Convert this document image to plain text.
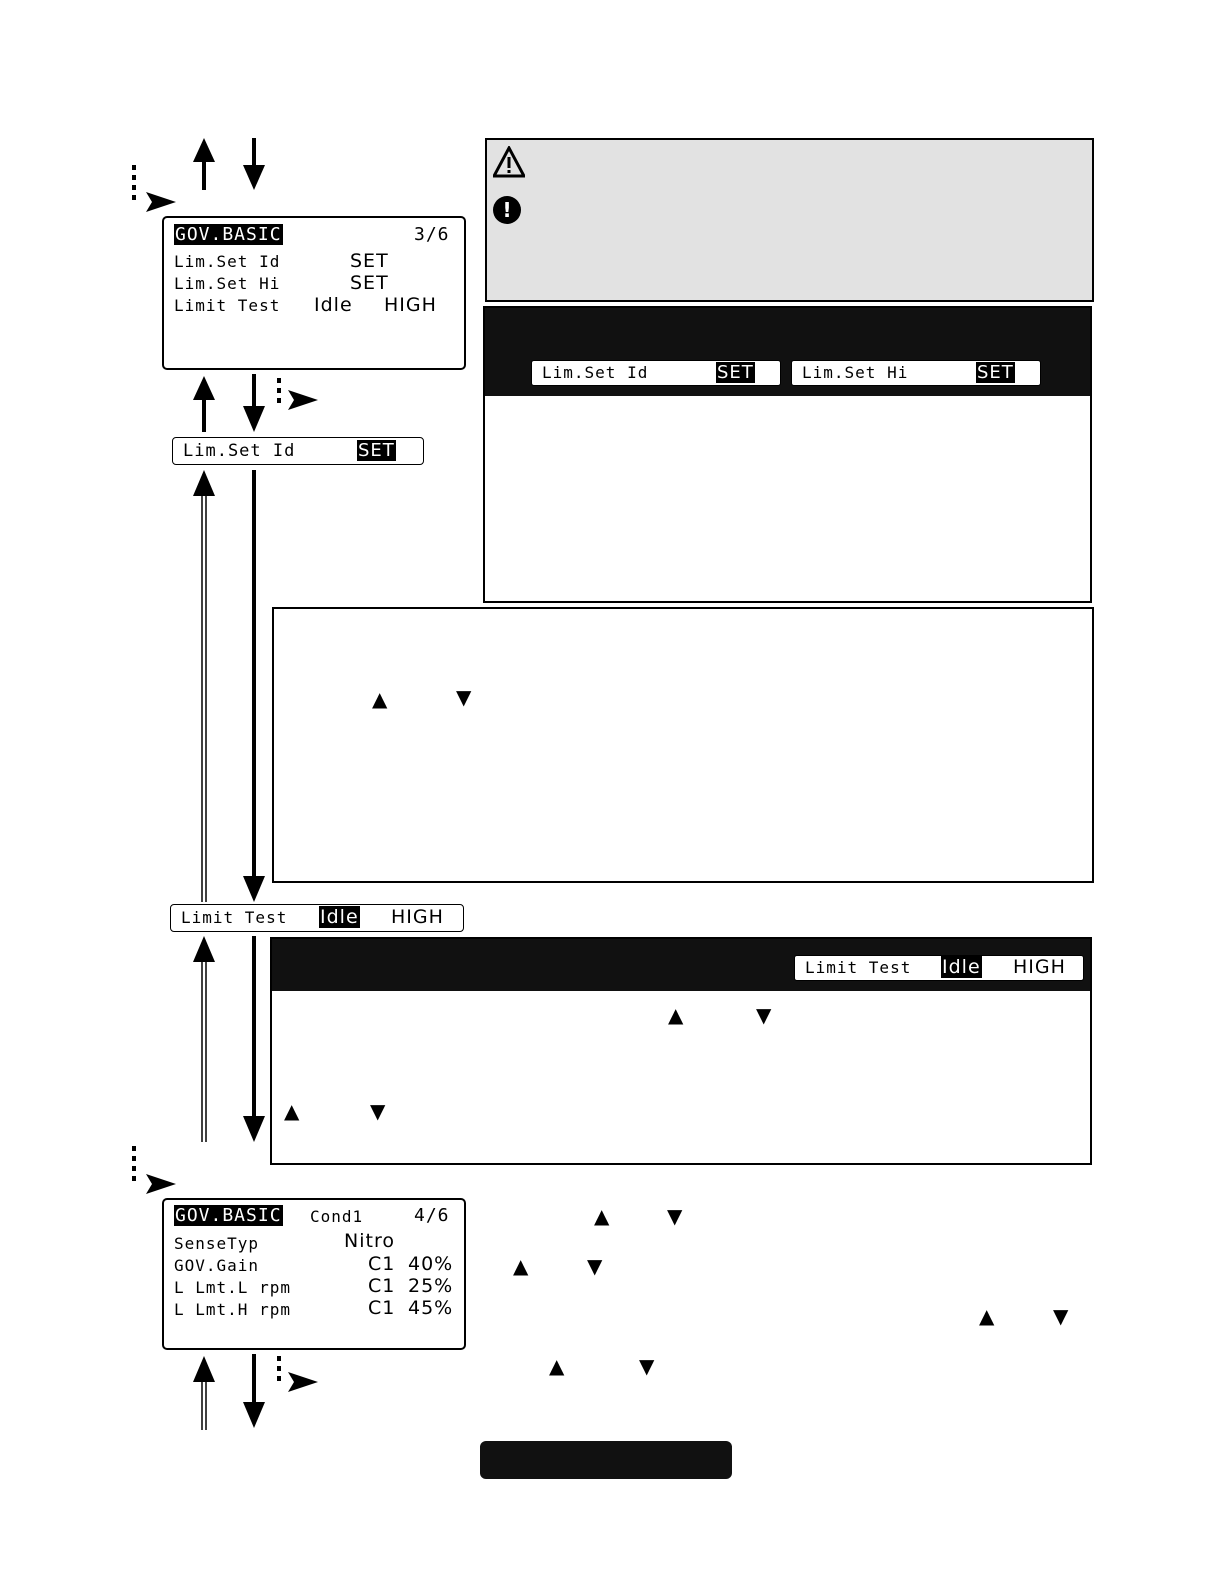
GOV.BASIC	3/6
Lim.Set Id	SET
Lim.Set Hi	SET
Limit Test Idle HIGH
Lim.Set Id	SET
!
Lim.Set Id	SET	Lim.Set Hi	SET
▲	▼
Limit Test Idle HIGH
Limit Test Idle HIGH
▲	▼
▲	▼
GOV.BASIC Cond1	4/6
SenseTyp	Nitro
GOV.Gain	C1 40%
L Lmt.L rpm	C1 25%
L Lmt.H rpm	C1 45%
▲	▼
▲	▼
▲	▼
▲	▼
